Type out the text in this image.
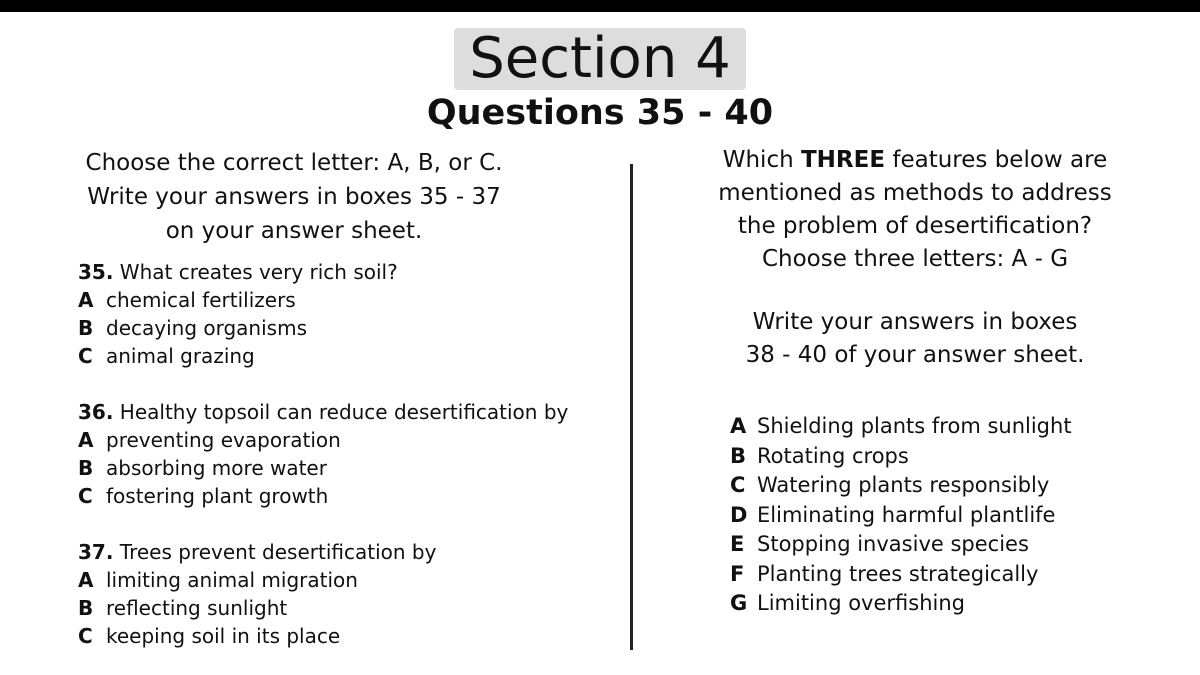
Section 4
Questions 35 - 40
Choose the correct letter: A, B, or C.
Write your answers in boxes 35 - 37
on your answer sheet.

35. What creates very rich soil?

A chemical fertilizers

B decaying organisms

C animal grazing

36. Healthy topsoil can reduce desertification by

A preventing evaporation

B absorbing more water

C fostering plant growth

37. Trees prevent desertification by

A limiting animal migration

B reflecting sunlight

C keeping soil in its place

Which THREE features below are
mentioned as methods to address
the problem of desertification?
Choose three letters: A - G
Write your answers in boxes
38 - 40 of your answer sheet.

A Shielding plants from sunlight

B Rotating crops

C Watering plants responsibly

D Eliminating harmful plantlife

E Stopping invasive species

F Planting trees strategically

G Limiting overfishing
